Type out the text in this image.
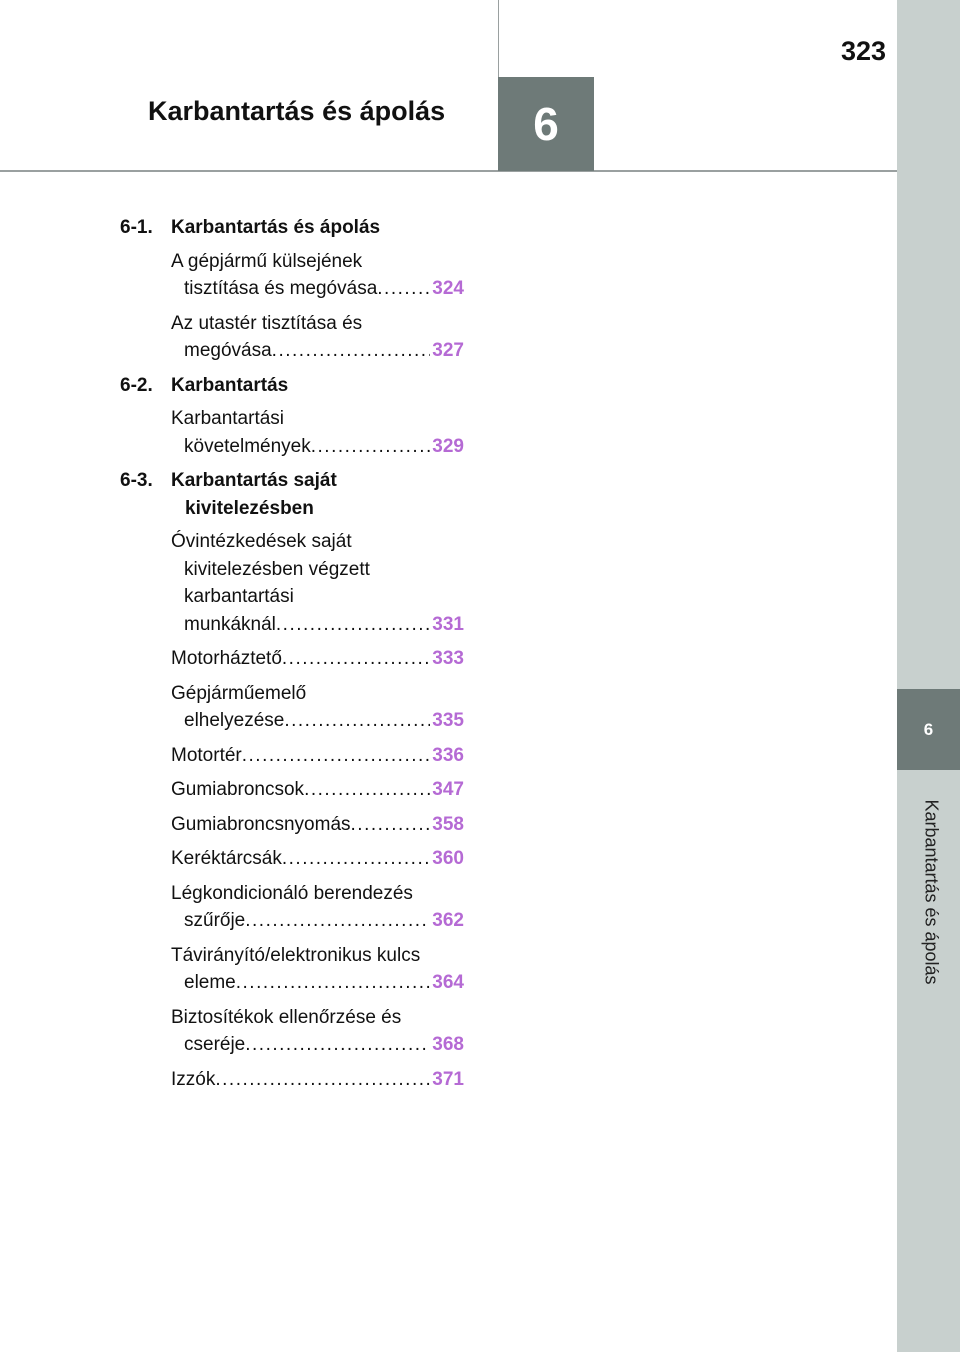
6
323
Karbantartás és ápolás
6
Karbantartás és ápolás
6-1. Karbantartás és ápolás
A gépjármű külsejének
tisztítása és megóvása .....	324
Az utastér tisztítása és
megóvása .....	327
6-2. Karbantartás
Karbantartási
követelmények .....	329
6-3. Karbantartás saját
kivitelezésben
Óvintézkedések saját
kivitelezésben végzett
karbantartási
munkáknál .....	331
Motorháztető .....	333
Gépjárműemelő
elhelyezése .....	335
Motortér .....	336
Gumiabroncsok .....	347
Gumiabroncsnyomás .....	358
Keréktárcsák .....	360
Légkondicionáló berendezés
szűrője .....	362
Távirányító/elektronikus kulcs
eleme .....	364
Biztosítékok ellenőrzése és
cseréje .....	368
Izzók .....	371
